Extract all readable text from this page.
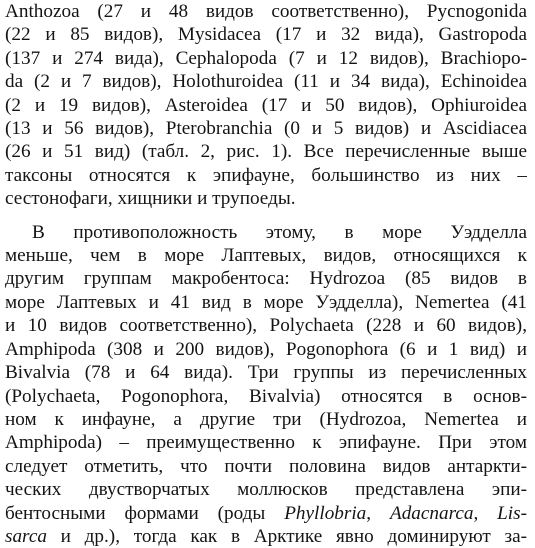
Anthozoa (27 и 48 видов соответственно), Pycnogonida
(22 и 85 видов), Mysidacea (17 и 32 вида), Gastropoda
(137 и 274 вида), Cephalopoda (7 и 12 видов), Brachiopo-
da (2 и 7 видов), Holothuroidea (11 и 34 вида), Echinoidea
(2 и 19 видов), Asteroidea (17 и 50 видов), Ophiuroidea
(13 и 56 видов), Pterobranchia (0 и 5 видов) и Ascidiacea
(26 и 51 вид) (табл. 2, рис. 1). Все перечисленные выше
таксоны относятся к эпифауне, большинство из них –
сестонофаги, хищники и трупоеды.
В противоположность этому, в море Уэдделла
меньше, чем в море Лаптевых, видов, относящихся к
другим группам макробентоса: Hydrozoa (85 видов в
море Лаптевых и 41 вид в море Уэдделла), Nemertea (41
и 10 видов соответственно), Polychaeta (228 и 60 видов),
Amphipoda (308 и 200 видов), Pogonophora (6 и 1 вид) и
Bivalvia (78 и 64 вида). Три группы из перечисленных
(Polychaeta, Pogonophora, Bivalvia) относятся в основ-
ном к инфауне, а другие три (Hydrozoa, Nemertea и
Amphipoda) – преимущественно к эпифауне. При этом
следует отметить, что почти половина видов антаркти-
ческих двустворчатых моллюсков представлена эпи-
бентосными формами (роды Phyllobria, Adacnarca, Lis-
sarca и др.), тогда как в Арктике явно доминируют за-
